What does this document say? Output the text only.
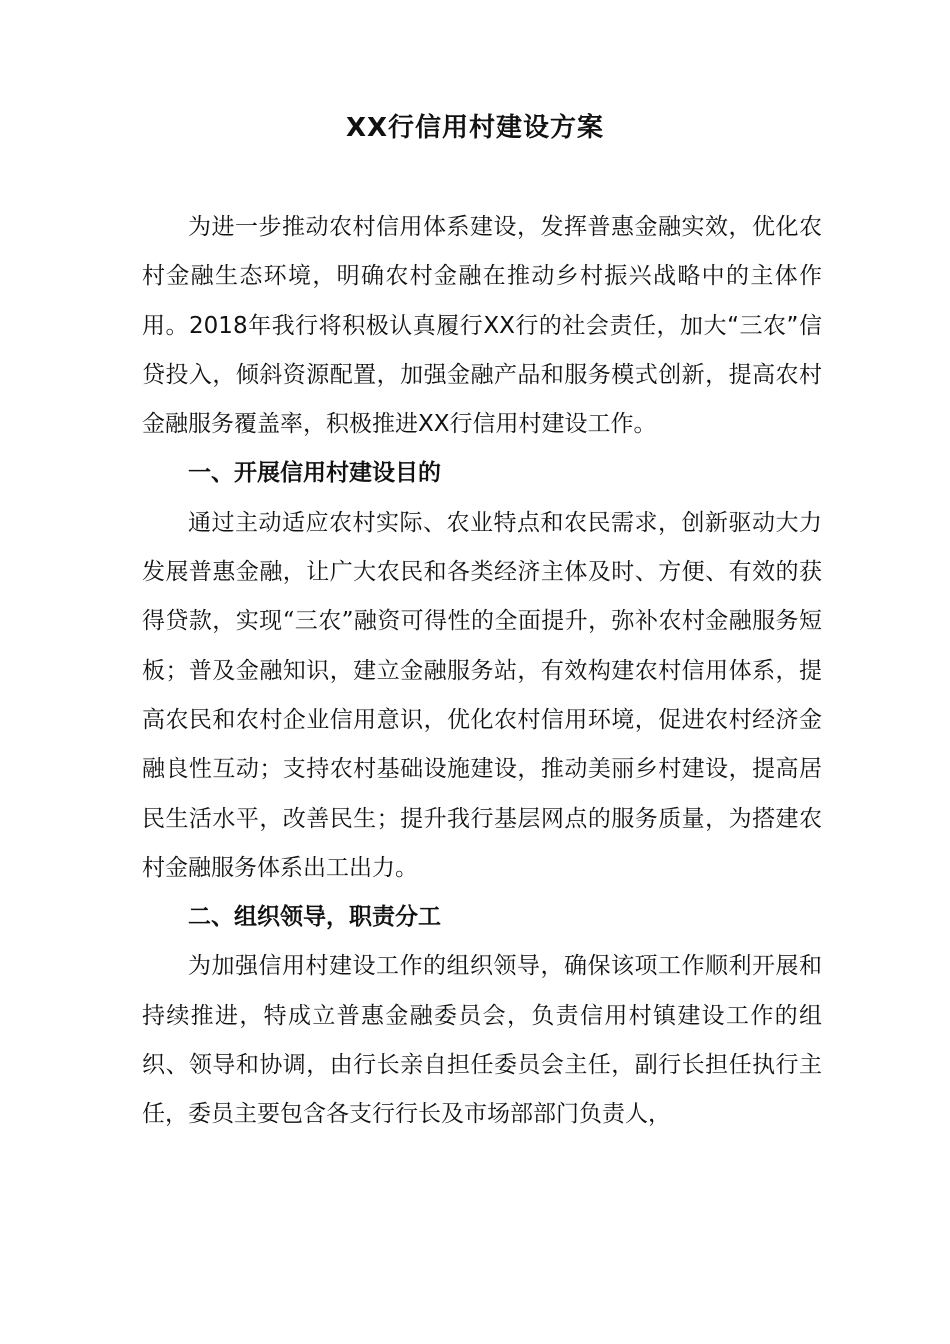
XX行信用村建设方案

为进一步推动农村信用体系建设，发挥普惠金融实效，优化农村金融生态环境，明确农村金融在推动乡村振兴战略中的主体作用。2018年我行将积极认真履行XX行的社会责任，加大“三农”信贷投入，倾斜资源配置，加强金融产品和服务模式创新，提高农村金融服务覆盖率，积极推进XX行信用村建设工作。

一、开展信用村建设目的

通过主动适应农村实际、农业特点和农民需求，创新驱动大力发展普惠金融，让广大农民和各类经济主体及时、方便、有效的获得贷款，实现“三农”融资可得性的全面提升，弥补农村金融服务短板；普及金融知识，建立金融服务站，有效构建农村信用体系，提高农民和农村企业信用意识，优化农村信用环境，促进农村经济金融良性互动；支持农村基础设施建设，推动美丽乡村建设，提高居民生活水平，改善民生；提升我行基层网点的服务质量，为搭建农村金融服务体系出工出力。

二、组织领导，职责分工

为加强信用村建设工作的组织领导，确保该项工作顺利开展和持续推进，特成立普惠金融委员会，负责信用村镇建设工作的组织、领导和协调，由行长亲自担任委员会主任，副行长担任执行主任，委员主要包含各支行行长及市场部部门负责人，
